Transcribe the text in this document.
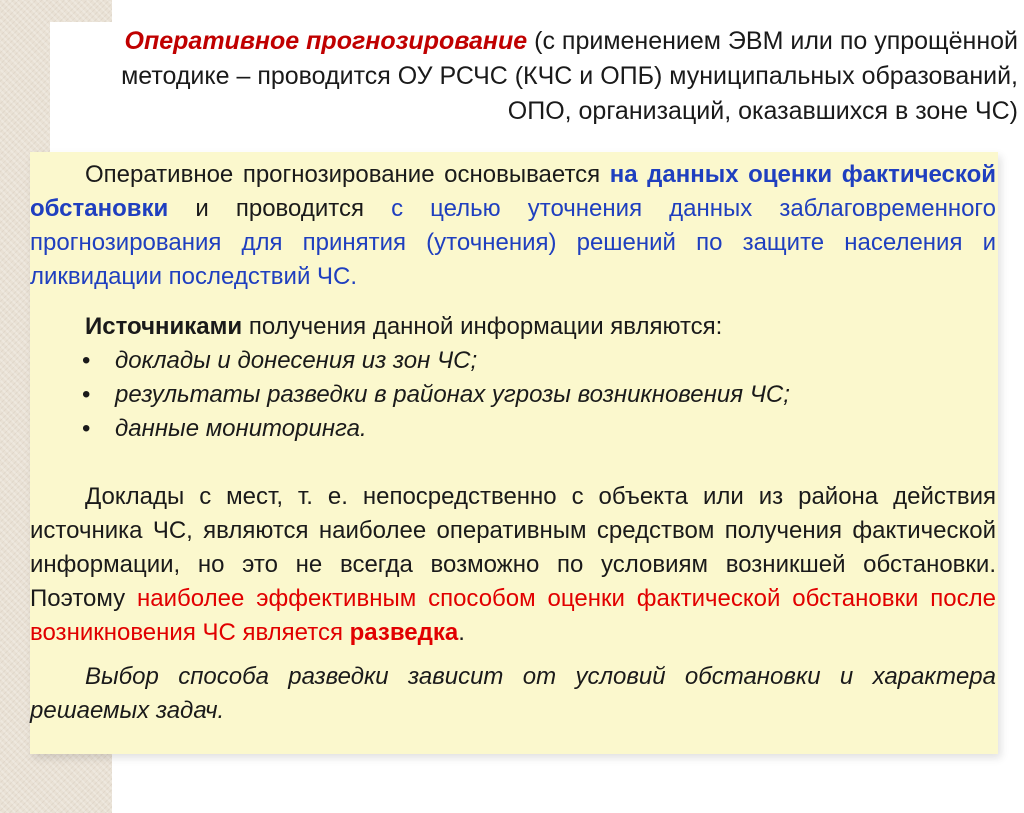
Оперативное прогнозирование (с применением ЭВМ или по упрощённой методике – проводится ОУ РСЧС (КЧС и ОПБ) муниципальных образований, ОПО, организаций, оказавшихся в зоне ЧС)

Оперативное прогнозирование основывается на данных оценки фактической обстановки и проводится с целью уточнения данных заблаговременного прогнозирования для принятия (уточнения) решений по защите населения и ликвидации последствий ЧС.

Источниками получения данной информации являются:
• доклады и донесения из зон ЧС;
• результаты разведки в районах угрозы возникновения ЧС;
• данные мониторинга.

Доклады с мест, т. е. непосредственно с объекта или из района действия источника ЧС, являются наиболее оперативным средством получения фактической информации, но это не всегда возможно по условиям возникшей обстановки. Поэтому наиболее эффективным способом оценки фактической обстановки после возникновения ЧС является разведка.

Выбор способа разведки зависит от условий обстановки и характера решаемых задач.
